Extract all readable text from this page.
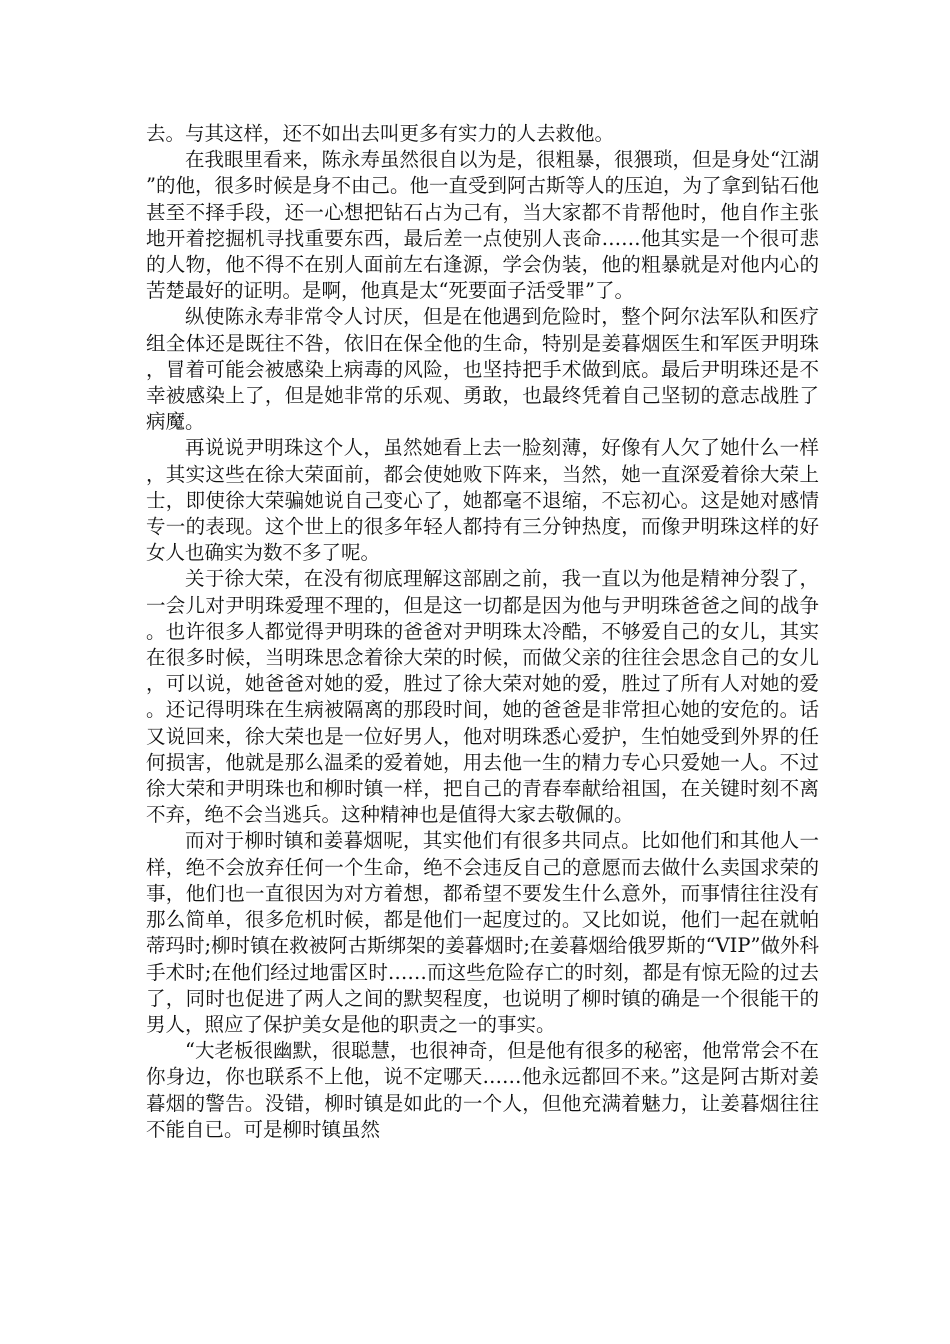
去。与其这样，还不如出去叫更多有实力的人去救他。

在我眼里看来，陈永寿虽然很自以为是，很粗暴，很猥琐，但是身处“江湖”的他，很多时候是身不由己。他一直受到阿古斯等人的压迫，为了拿到钻石他甚至不择手段，还一心想把钻石占为己有，当大家都不肯帮他时，他自作主张地开着挖掘机寻找重要东西，最后差一点使别人丧命……他其实是一个很可悲的人物，他不得不在别人面前左右逢源，学会伪装，他的粗暴就是对他内心的苦楚最好的证明。是啊，他真是太“死要面子活受罪”了。

纵使陈永寿非常令人讨厌，但是在他遇到危险时，整个阿尔法军队和医疗组全体还是既往不咎，依旧在保全他的生命，特别是姜暮烟医生和军医尹明珠，冒着可能会被感染上病毒的风险，也坚持把手术做到底。最后尹明珠还是不幸被感染上了，但是她非常的乐观、勇敢，也最终凭着自己坚韧的意志战胜了病魔。

再说说尹明珠这个人，虽然她看上去一脸刻薄，好像有人欠了她什么一样，其实这些在徐大荣面前，都会使她败下阵来，当然，她一直深爱着徐大荣上士，即使徐大荣骗她说自己变心了，她都毫不退缩，不忘初心。这是她对感情专一的表现。这个世上的很多年轻人都持有三分钟热度，而像尹明珠这样的好女人也确实为数不多了呢。

关于徐大荣，在没有彻底理解这部剧之前，我一直以为他是精神分裂了，一会儿对尹明珠爱理不理的，但是这一切都是因为他与尹明珠爸爸之间的战争。也许很多人都觉得尹明珠的爸爸对尹明珠太冷酷，不够爱自己的女儿，其实在很多时候，当明珠思念着徐大荣的时候，而做父亲的往往会思念自己的女儿，可以说，她爸爸对她的爱，胜过了徐大荣对她的爱，胜过了所有人对她的爱。还记得明珠在生病被隔离的那段时间，她的爸爸是非常担心她的安危的。话又说回来，徐大荣也是一位好男人，他对明珠悉心爱护，生怕她受到外界的任何损害，他就是那么温柔的爱着她，用去他一生的精力专心只爱她一人。不过徐大荣和尹明珠也和柳时镇一样，把自己的青春奉献给祖国，在关键时刻不离不弃，绝不会当逃兵。这种精神也是值得大家去敬佩的。

而对于柳时镇和姜暮烟呢，其实他们有很多共同点。比如他们和其他人一样，绝不会放弃任何一个生命，绝不会违反自己的意愿而去做什么卖国求荣的事，他们也一直很因为对方着想，都希望不要发生什么意外，而事情往往没有那么简单，很多危机时候，都是他们一起度过的。又比如说，他们一起在就帕蒂玛时;柳时镇在救被阿古斯绑架的姜暮烟时;在姜暮烟给俄罗斯的“VIP”做外科手术时;在他们经过地雷区时……而这些危险存亡的时刻，都是有惊无险的过去了，同时也促进了两人之间的默契程度，也说明了柳时镇的确是一个很能干的男人，照应了保护美女是他的职责之一的事实。

“大老板很幽默，很聪慧，也很神奇，但是他有很多的秘密，他常常会不在你身边，你也联系不上他，说不定哪天……他永远都回不来。”这是阿古斯对姜暮烟的警告。没错，柳时镇是如此的一个人，但他充满着魅力，让姜暮烟往往不能自已。可是柳时镇虽然
